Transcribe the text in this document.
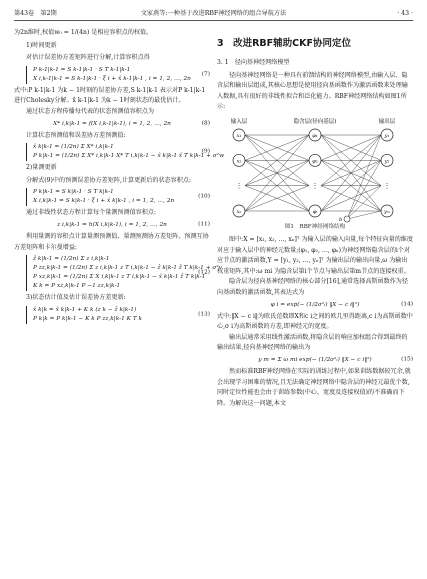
第43卷　第2期	文家燕等:一种基于改进RBF神经网络的组合导航方法	· 43 ·

为2n维时,权值w₀ = 1/(4n) 是相应容积点的权值。

1)时间更新

对估计误差协方差矩阵进行分解,计算容积点得

P k-1|k-1 = S k-1|k-1 · S T k-1|k-1
X i,k-1|k-1 = S k-1|k-1 · ξ i + x̂ k-1|k-1 , i = 1, 2, …, 2n
(7)

式中:P k-1|k-1 为k − 1时刻的误差协方差,S k-1|k-1 表示对P k-1|k-1 进行Cholesky分解。x̂ k-1|k-1 为k − 1时刻状态的最优估计。

通过状态方程传播每代表的状态预测值容积点为

X* i,k|k-1 = f(X i,k-1|k-1), i = 1, 2, …, 2n	(8)

计算状态预测值和误差协方差预测值:

x̂ k|k-1 = (1/2n) Σ X* i,k|k-1
P k|k-1 = (1/2n) Σ X* i,k|k-1 X* T i,k|k-1 − x̂ k|k-1 x̂ T k|k-1 + σ²w
(9)

2)量测更新

分解式(9)中的预测误差协方差矩阵,计算更新后的状态容积点:

P k|k-1 = S k|k-1 · S T k|k-1
X i,k|k-1 = S k|k-1 · ξ i + x̂ k|k-1 , i = 1, 2, …, 2n
(10)

通过非线性状态方程计算每个量测预测值容积点:

z i,k|k-1 = h(X i,k|k-1), i = 1, 2, …, 2n	(11)

利用量测的容积点计算量测预测值、量测预测协方差矩阵、预测互协方差矩阵和卡尔曼增益:

ẑ k|k-1 = (1/2n) Σ z i,k|k-1
P zz,k|k-1 = (1/2n) Σ z i,k|k-1 z T i,k|k-1 − ẑ k|k-1 ẑ T k|k-1 + σ²v
P xz,k|k-1 = (1/2n) Σ X i,k|k-1 z T i,k|k-1 − x̂ k|k-1 ẑ T k|k-1
K k = P xz,k|k-1 P −1 zz,k|k-1
(12)

3)状态估计值及估计误差协方差更新:

x̂ k|k = x̂ k|k-1 + K k (z k − ẑ k|k-1)
P k|k = P k|k-1 − K k P zz,k|k-1 K T k
(13)
3　改进RBF辅助CKF协同定位

3. 1　径向基神经网络模型

径向基神经网络是一种具有前馈结构的神经网络模型,由输入层、隐含层和输出层组成,其核心思想是使用径向基函数作为激活函数来处理输入数据,具有很好的非线性拟合和泛化能力。RBF神经网络结构如图1所示:

b
x₁
x₂
⋮
xₙ
φ₁
φ₂
⋮
φᵢ
y₁
y₂
⋮
yₘ
输入层	隐含层(径向基层)	输出层
图1　RBF神经网络结构

图中:X = [x₁, x₂, …, xₙ]ᵀ 为输入层的输入向量,每个特征向量的维度对应于输入层中的神经元数量;(φ₁, φ₂, …, φₙ)为神经网络隐含层的i个对应节点的激活函数,Y = [y₁, y₂, …, yₙ]ᵀ 为输出层的输出向量,ω 为输出权重矩阵,其中:ω mi 为隐含层第i个节点与输出层第m节点的连接权重。

隐含层为径向基神经网络的核心部分[16],通常选择高斯函数作为径向基函数的激活函数,其表达式为

φ i = exp(− (1/2σ²ᵢ) ‖X − c i‖²)	(14)

式中:‖X − c i‖为欧氏范数即X和c i之间的欧几里得距离,c i为高斯函数中心,σ i为高斯函数的方差,即神经元的宽度。

输出层通常采用线性激活函数,将隐含层的响应加权组合得到最终的输出结果,径向基神经网络的输出为

y m = Σ ω mi exp(− (1/2σ²ᵢ) ‖X − c i‖²)	(15)

然而标准RBF神经网络在实际的训练过程中,如果训练数据较冗余,就会出现学习困难的情况,且无法确定神经网络中隐含层的神经元最优个数,同时定位性能也会由于训练参数(中心、宽度及连接权值)的不准确而下降。为解决这一问题,本文
